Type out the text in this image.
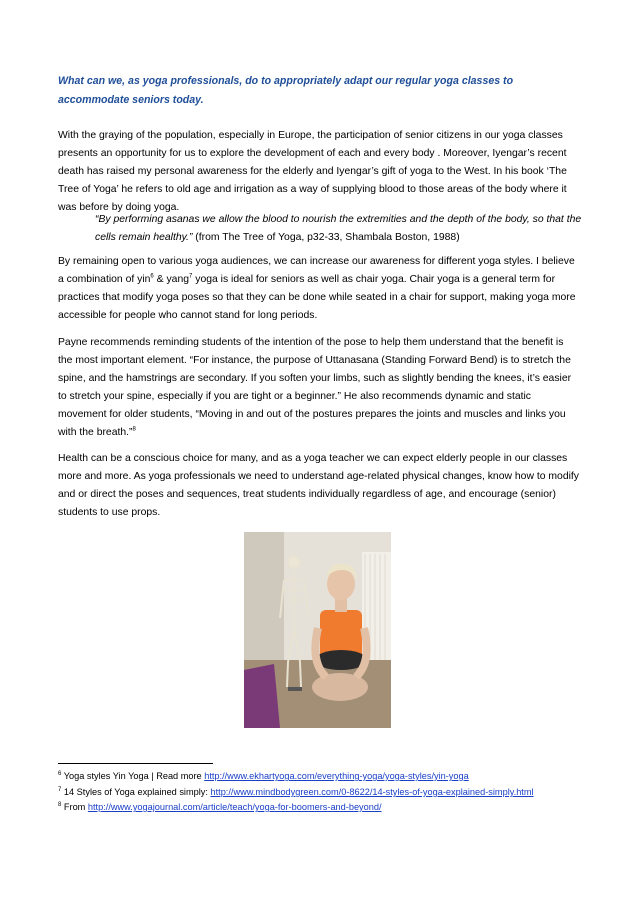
What can we, as yoga professionals, do to appropriately adapt our regular yoga classes to accommodate seniors today.
With the graying of the population, especially in Europe, the participation of senior citizens in our yoga classes presents an opportunity for us to explore the development of each and every body . Moreover, Iyengar’s recent death has raised my personal awareness for the elderly and Iyengar’s gift of yoga to the West. In his book ‘The Tree of Yoga’ he refers to old age and irrigation as a way of supplying blood to those areas of the body where it was before by doing yoga.
“By performing asanas we allow the blood to nourish the extremities and the depth of the body, so that the cells remain healthy.” (from The Tree of Yoga, p32-33, Shambala Boston, 1988)
By remaining open to various yoga audiences, we can increase our awareness for different yoga styles. I believe a combination of yin$^6$ & yang$^7$ yoga is ideal for seniors as well as chair yoga. Chair yoga is a general term for practices that modify yoga poses so that they can be done while seated in a chair for support, making yoga more accessible for people who cannot stand for long periods.
Payne recommends reminding students of the intention of the pose to help them understand that the benefit is the most important element. “For instance, the purpose of Uttanasana (Standing Forward Bend) is to stretch the spine, and the hamstrings are secondary. If you soften your limbs, such as slightly bending the knees, it’s easier to stretch your spine, especially if you are tight or a beginner.” He also recommends dynamic and static movement for older students, “Moving in and out of the postures prepares the joints and muscles and links you with the breath.”$^8$
Health can be a conscious choice for many, and as a yoga teacher we can expect elderly people in our classes more and more. As yoga professionals we need to understand age-related physical changes, know how to modify and or direct the poses and sequences, treat students individually regardless of age, and encourage (senior) students to use props.
$^6$ Yoga styles Yin Yoga | Read more http://www.ekhartyoga.com/everything-yoga/yoga-styles/yin-yoga
$^7$ 14 Styles of Yoga explained simply: http://www.mindbodygreen.com/0-8622/14-styles-of-yoga-explained-simply.html
$^8$ From http://www.yogajournal.com/article/teach/yoga-for-boomers-and-beyond/
